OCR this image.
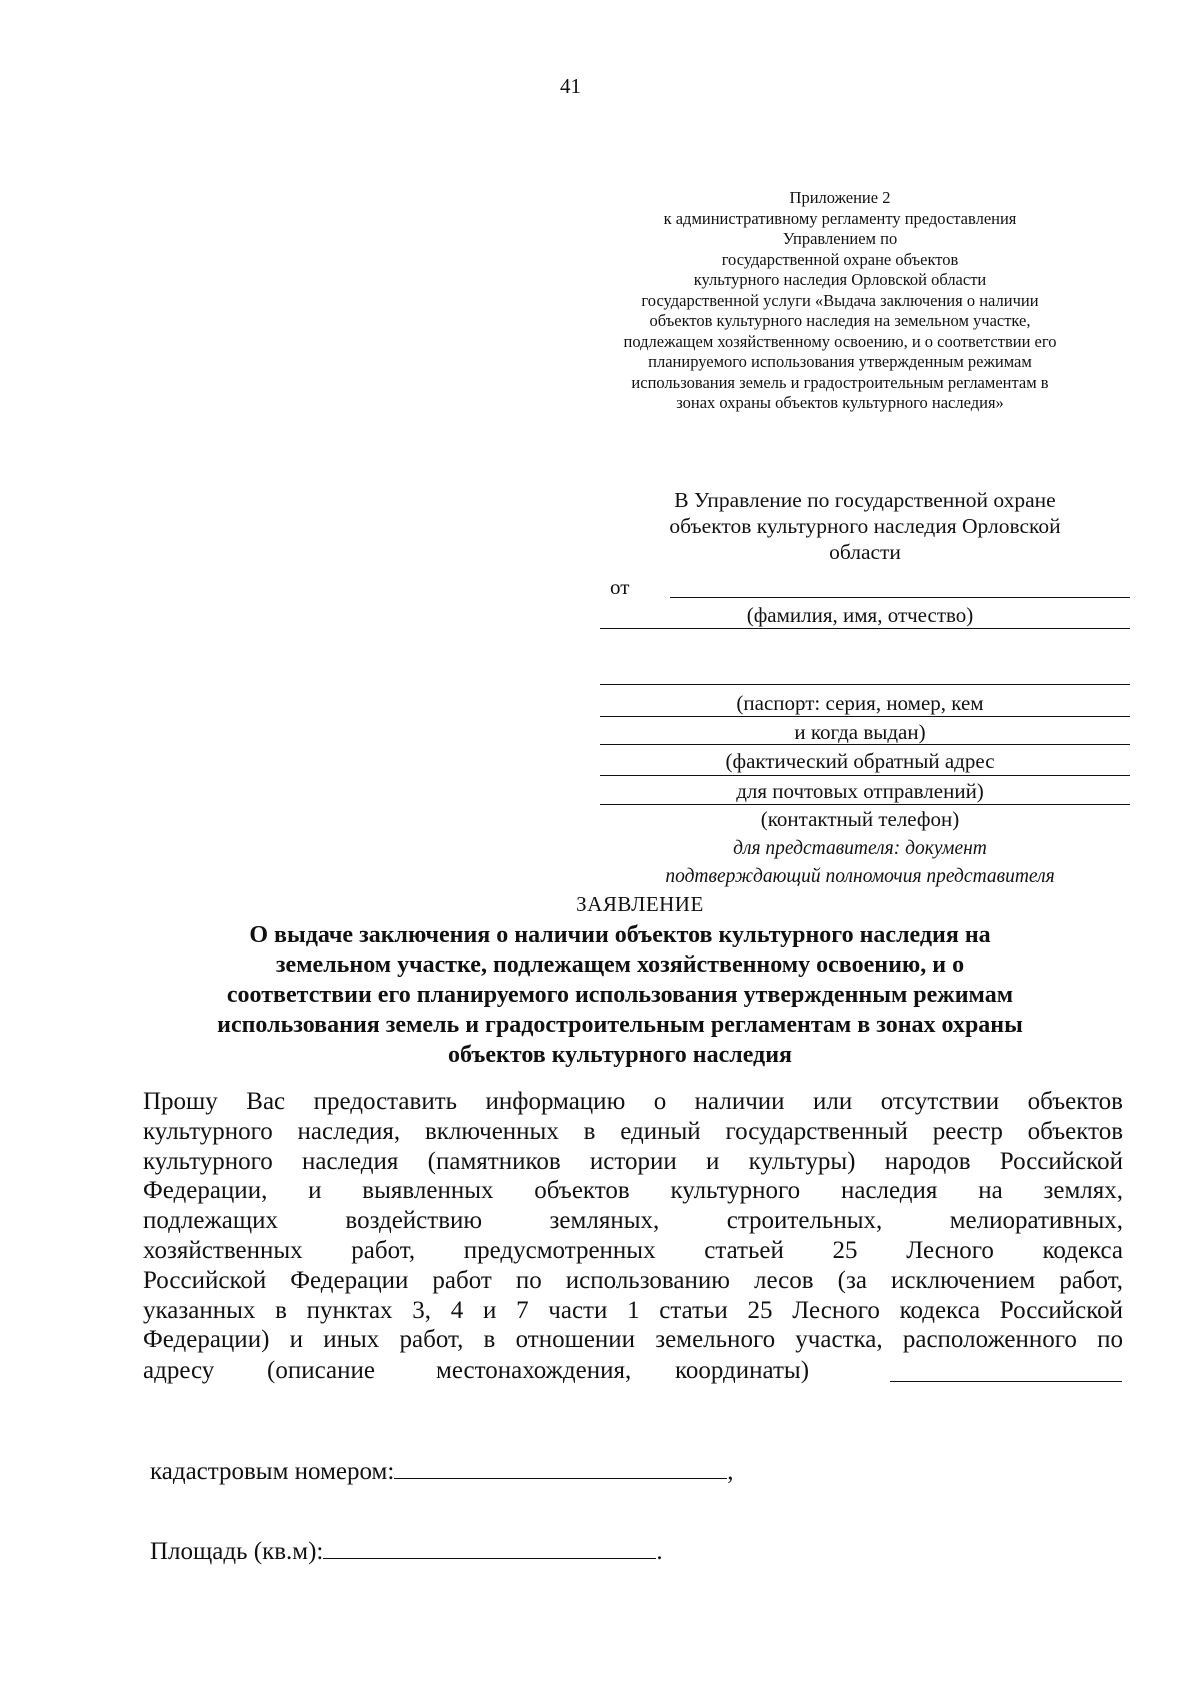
41
Приложение 2
к административному регламенту предоставления
Управлением по
государственной охране объектов
культурного наследия Орловской области
государственной услуги «Выдача заключения о наличии
объектов культурного наследия на земельном участке,
подлежащем хозяйственному освоению, и о соответствии его
планируемого использования утвержденным режимам
использования земель и градостроительным регламентам в
зонах охраны объектов культурного наследия»
В Управление по государственной охране
объектов культурного наследия Орловской
области
от
(фамилия, имя, отчество)
(паспорт: серия, номер, кем
и когда выдан)
(фактический обратный адрес
для почтовых отправлений)
(контактный телефон)
для представителя: документ
подтверждающий полномочия представителя
ЗАЯВЛЕНИЕ
О выдаче заключения о наличии объектов культурного наследия на
земельном участке, подлежащем хозяйственному освоению, и о
соответствии его планируемого использования утвержденным режимам
использования земель и градостроительным регламентам в зонах охраны
объектов культурного наследия
Прошу Вас предоставить информацию о наличии или отсутствии объектов
культурного наследия, включенных в единый государственный реестр объектов
культурного наследия (памятников истории и культуры) народов Российской
Федерации, и выявленных объектов культурного наследия на землях,
подлежащих воздействию земляных, строительных, мелиоративных,
хозяйственных работ, предусмотренных статьей 25 Лесного кодекса
Российской Федерации работ по использованию лесов (за исключением работ,
указанных в пунктах 3, 4 и 7 части 1 статьи 25 Лесного кодекса Российской
Федерации) и иных работ, в отношении земельного участка, расположенного по
адресу (описание местонахождения, координаты)
кадастровым номером:	,
Площадь (кв.м):	.
